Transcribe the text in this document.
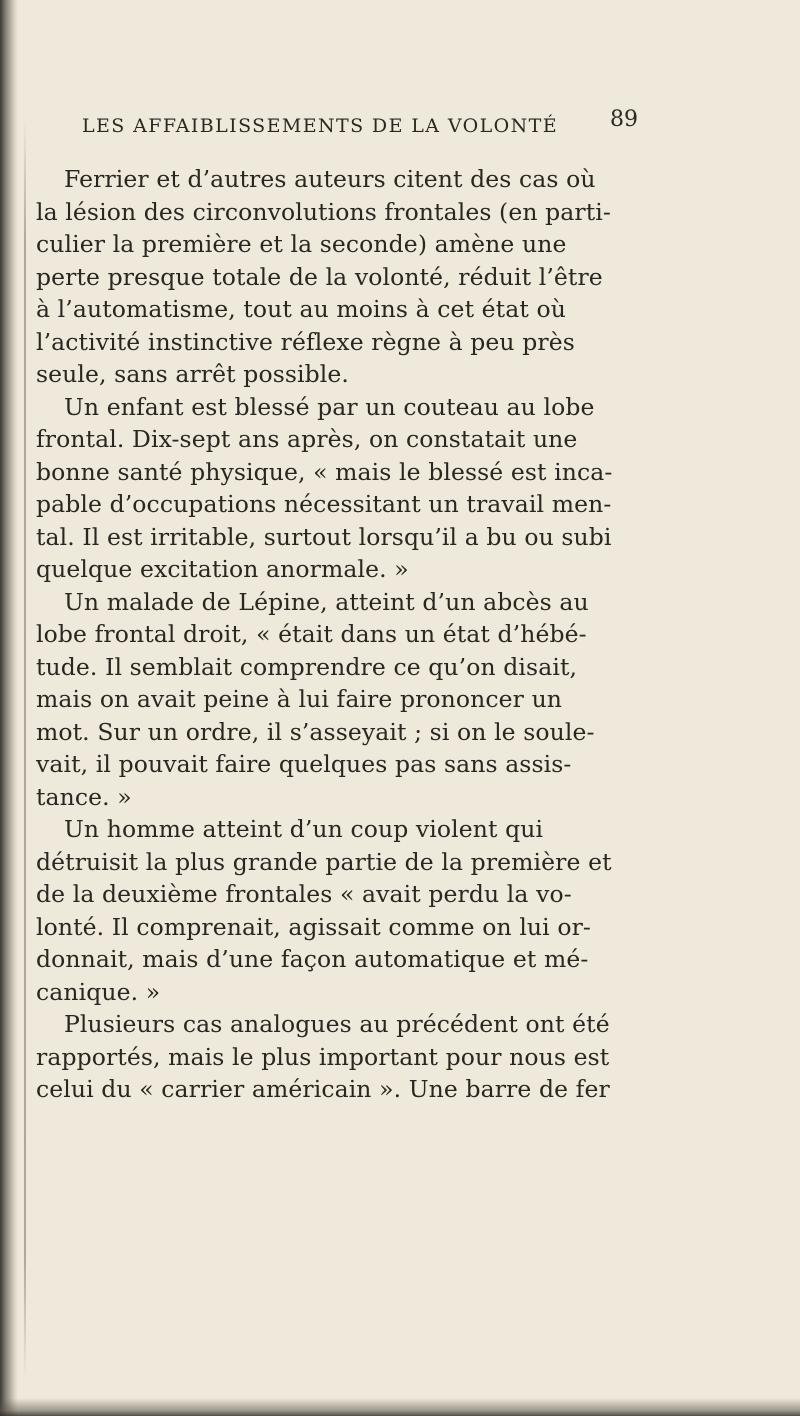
LES AFFAIBLISSEMENTS DE LA VOLONTÉ 89
Ferrier et d’autres auteurs citent des cas où
la lésion des circonvolutions frontales (en parti-
culier la première et la seconde) amène une
perte presque totale de la volonté, réduit l’être
à l’automatisme, tout au moins à cet état où
l’activité instinctive réflexe règne à peu près
seule, sans arrêt possible.
Un enfant est blessé par un couteau au lobe
frontal. Dix-sept ans après, on constatait une
bonne santé physique, « mais le blessé est inca-
pable d’occupations nécessitant un travail men-
tal. Il est irritable, surtout lorsqu’il a bu ou subi
quelque excitation anormale. »
Un malade de Lépine, atteint d’un abcès au
lobe frontal droit, « était dans un état d’hébé-
tude. Il semblait comprendre ce qu’on disait,
mais on avait peine à lui faire prononcer un
mot. Sur un ordre, il s’asseyait ; si on le soule-
vait, il pouvait faire quelques pas sans assis-
tance. »
Un homme atteint d’un coup violent qui
détruisit la plus grande partie de la première et
de la deuxième frontales « avait perdu la vo-
lonté. Il comprenait, agissait comme on lui or-
donnait, mais d’une façon automatique et mé-
canique. »
Plusieurs cas analogues au précédent ont été
rapportés, mais le plus important pour nous est
celui du « carrier américain ». Une barre de fer
